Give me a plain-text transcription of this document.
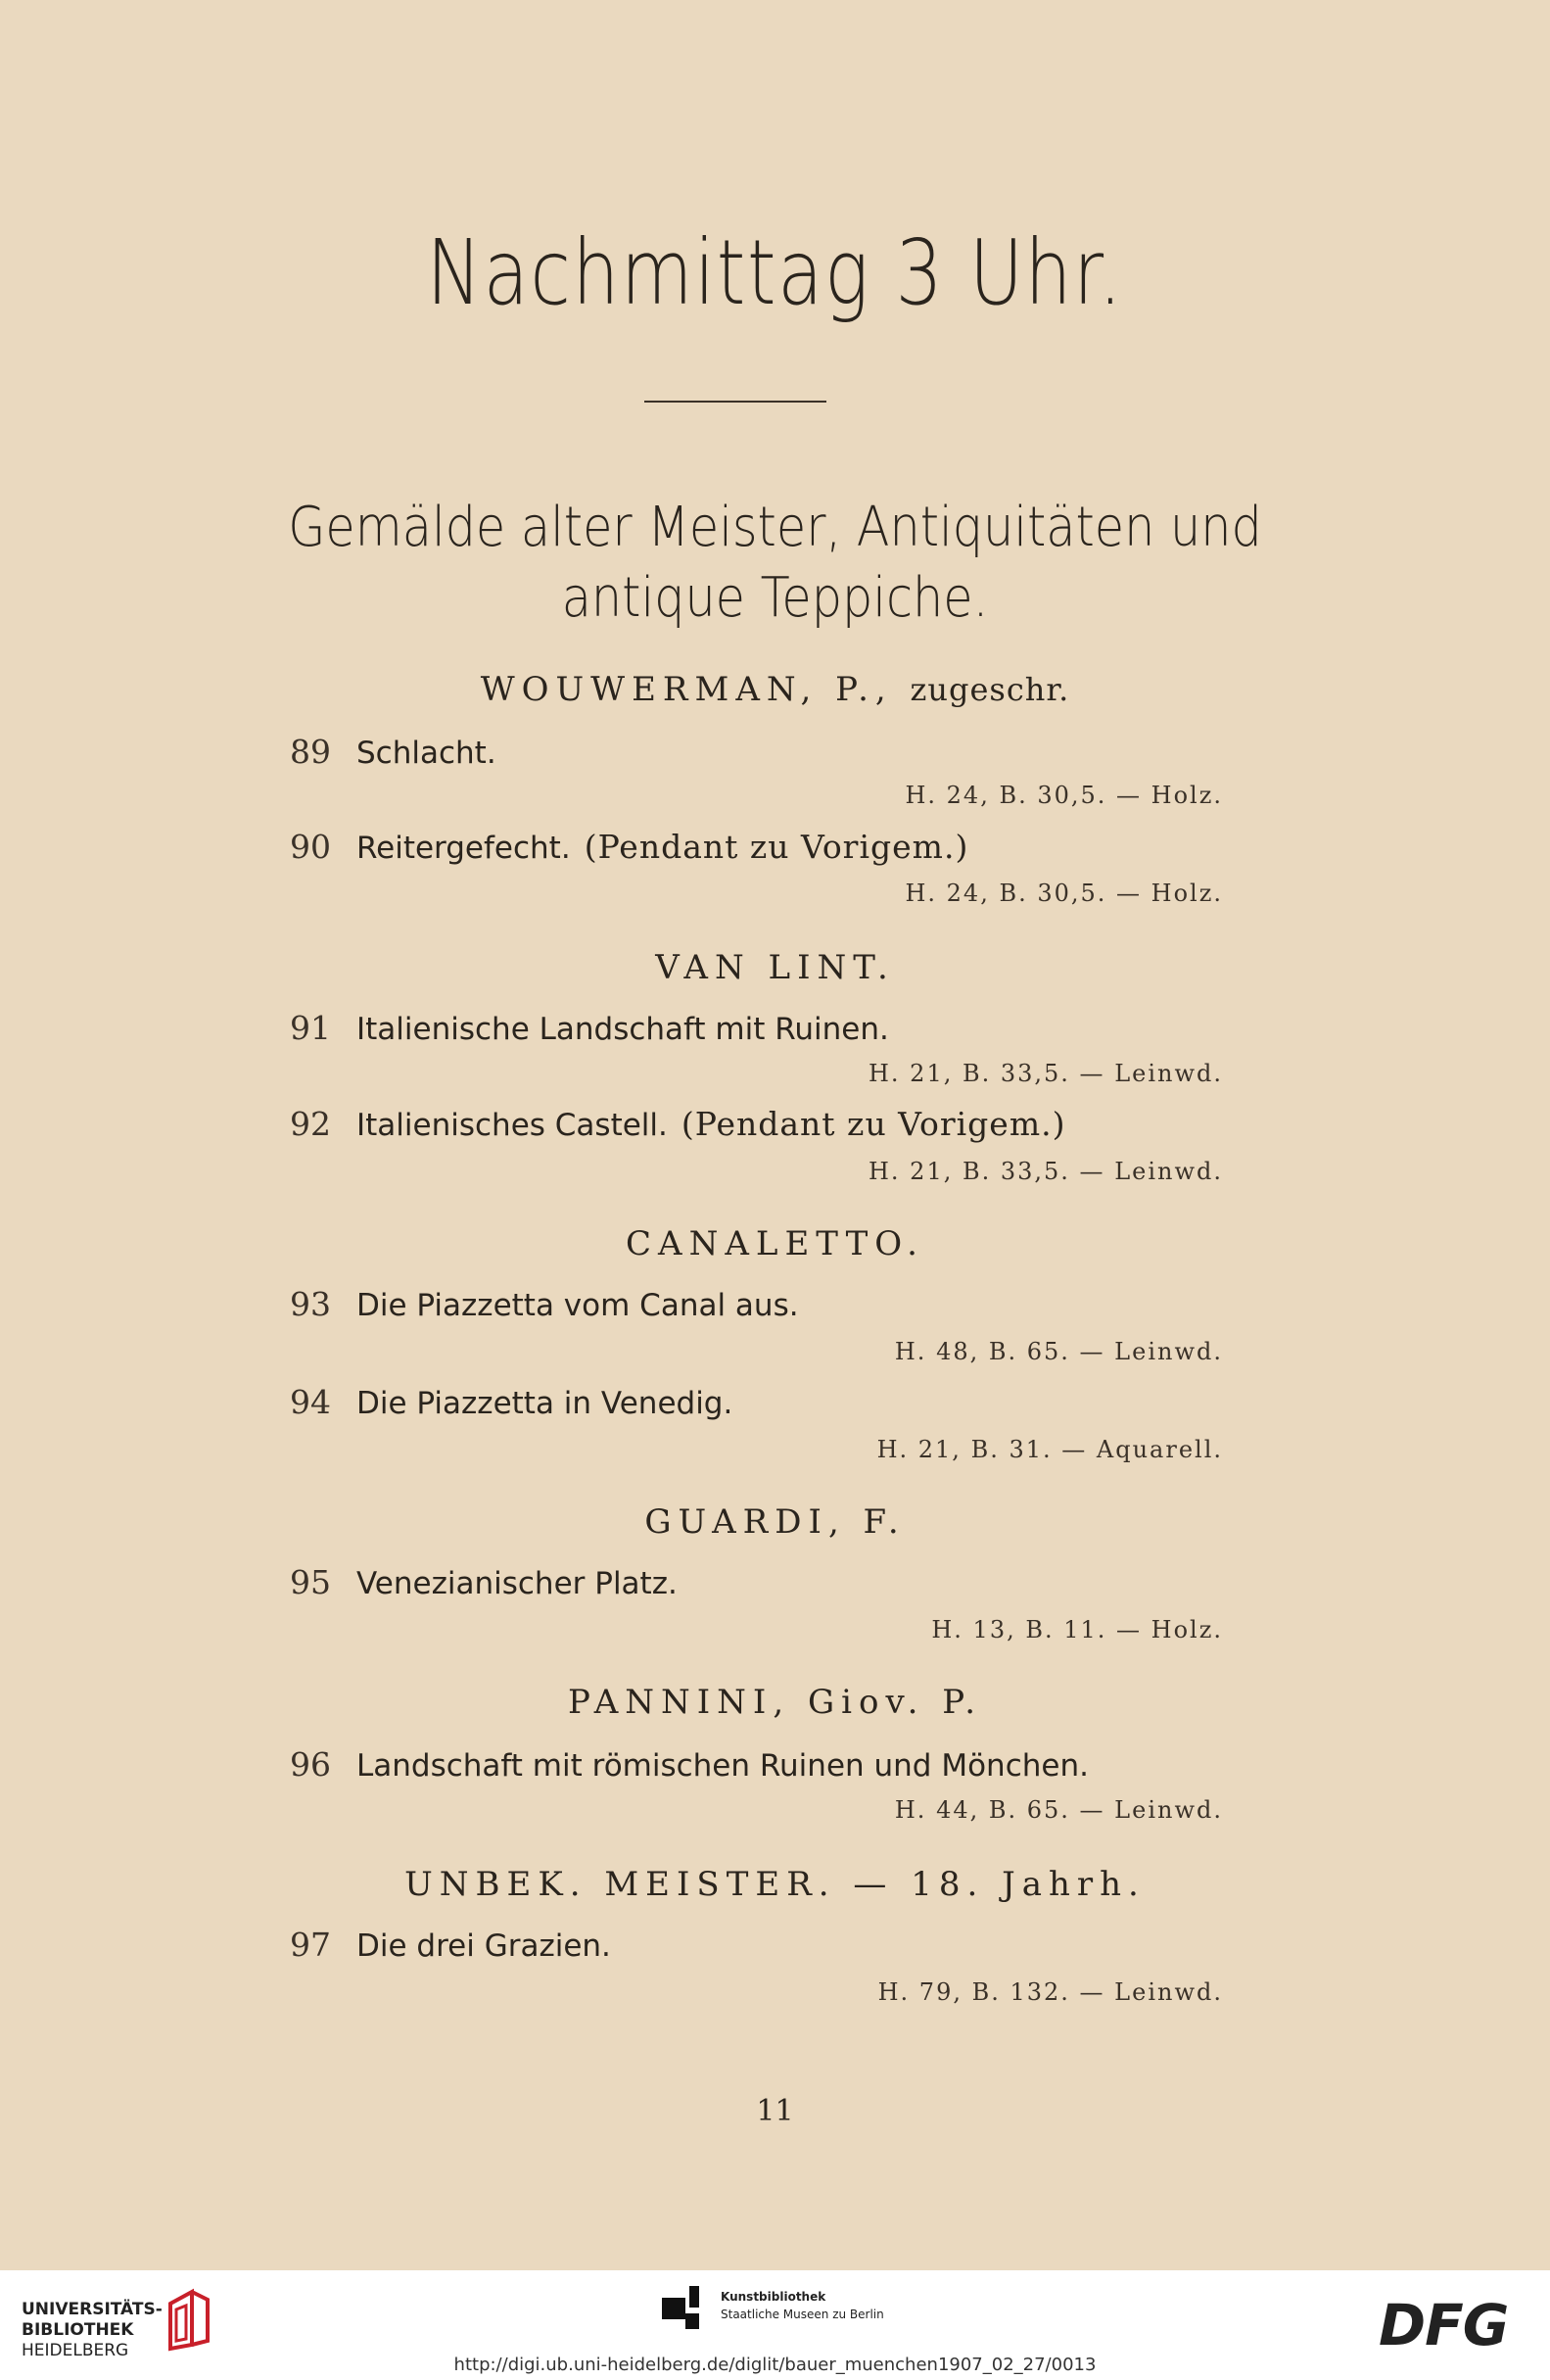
Nachmittag 3 Uhr.
Gemälde alter Meister, Antiquitäten und
antique Teppiche.
WOUWERMAN, P., zugeschr.
89 Schlacht.
H. 24, B. 30,5. — Holz.
90 Reitergefecht. (Pendant zu Vorigem.)
H. 24, B. 30,5. — Holz.
VAN LINT.
91 Italienische Landschaft mit Ruinen.
H. 21, B. 33,5. — Leinwd.
92 Italienisches Castell. (Pendant zu Vorigem.)
H. 21, B. 33,5. — Leinwd.
CANALETTO.
93 Die Piazzetta vom Canal aus.
H. 48, B. 65. — Leinwd.
94 Die Piazzetta in Venedig.
H. 21, B. 31. — Aquarell.
GUARDI, F.
95 Venezianischer Platz.
H. 13, B. 11. — Holz.
PANNINI, Giov. P.
96 Landschaft mit römischen Ruinen und Mönchen.
H. 44, B. 65. — Leinwd.
UNBEK. MEISTER. — 18. Jahrh.
97 Die drei Grazien.
H. 79, B. 132. — Leinwd.
11
UNIVERSITÄTS-
BIBLIOTHEK
HEIDELBERG
Kunstbibliothek
Staatliche Museen zu Berlin	DFG
http://digi.ub.uni-heidelberg.de/diglit/bauer_muenchen1907_02_27/0013
